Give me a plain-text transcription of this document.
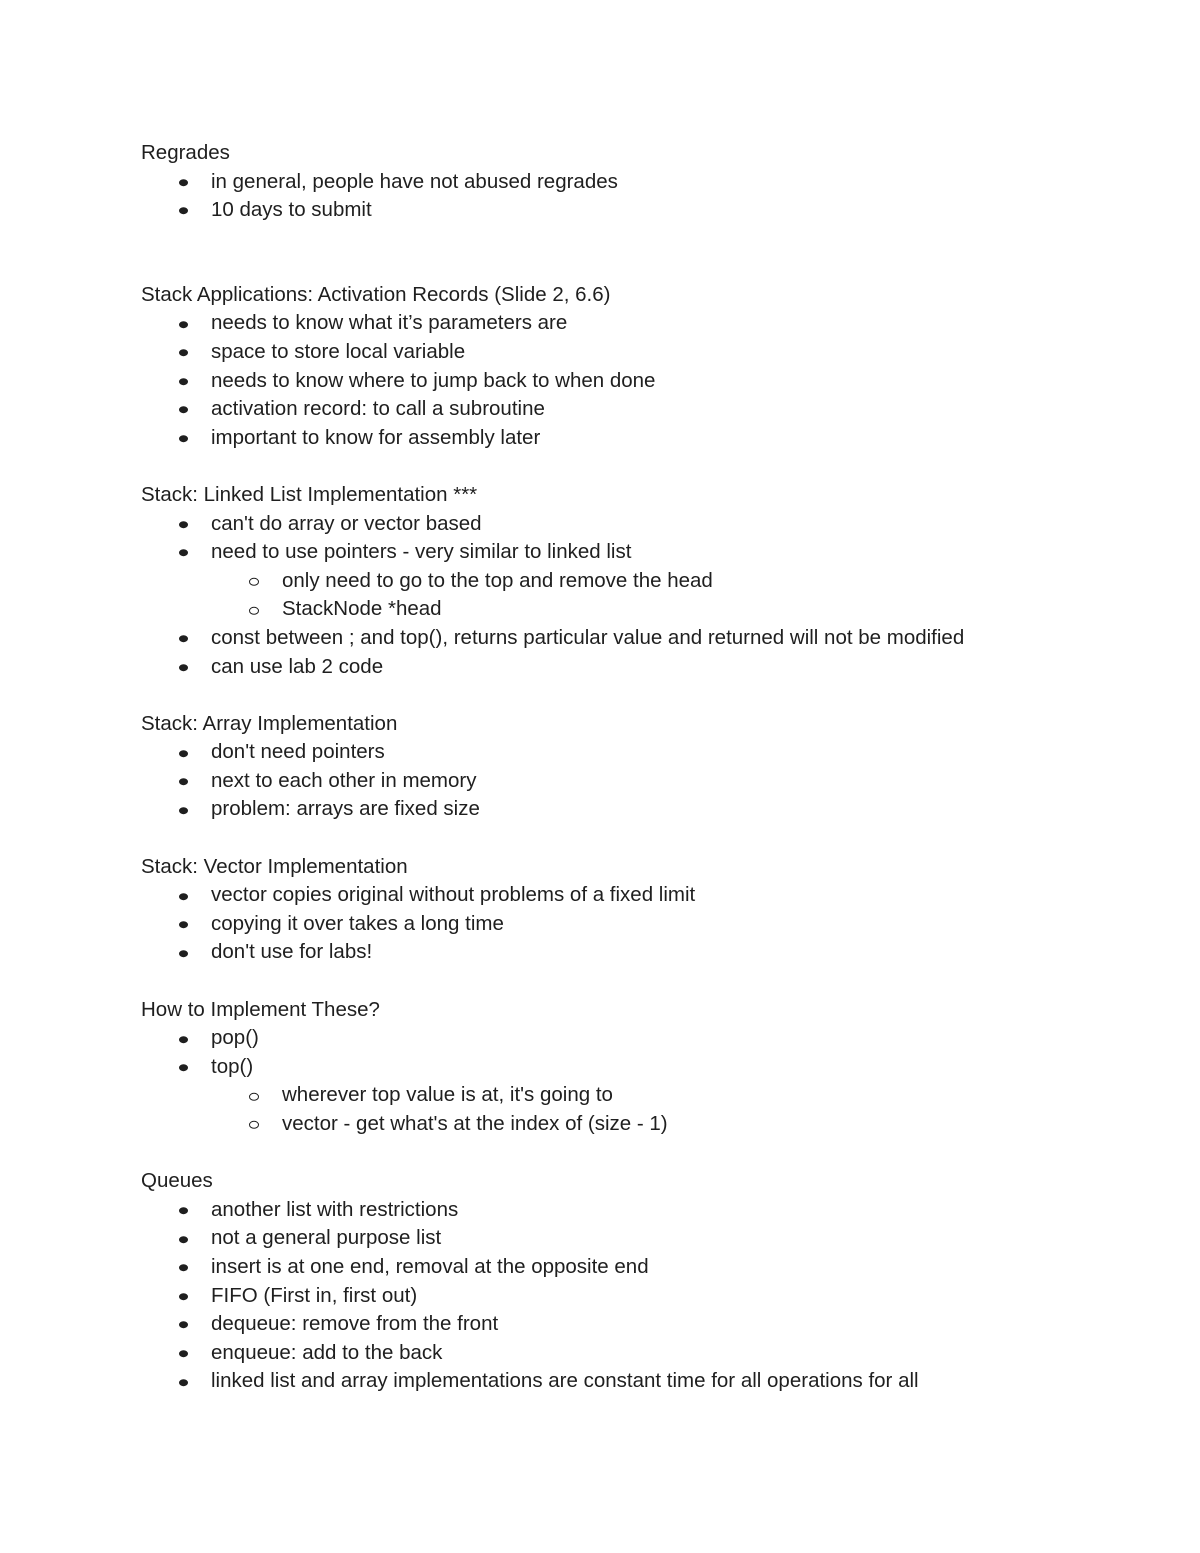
Regrades

in general, people have not abused regrades
10 days to submit

Stack Applications: Activation Records (Slide 2, 6.6)

needs to know what it’s parameters are
space to store local variable
needs to know where to jump back to when done
activation record: to call a subroutine
important to know for assembly later

Stack: Linked List Implementation ***

can't do array or vector based
need to use pointers - very similar to linked list
only need to go to the top and remove the head
StackNode *head
const between ; and top(), returns particular value and returned will not be modified
can use lab 2 code

Stack: Array Implementation

don't need pointers
next to each other in memory
problem: arrays are fixed size

Stack: Vector Implementation

vector copies original without problems of a fixed limit
copying it over takes a long time
don't use for labs!

How to Implement These?

pop()
top()
wherever top value is at, it's going to
vector - get what's at the index of (size - 1)

Queues

another list with restrictions
not a general purpose list
insert is at one end, removal at the opposite end
FIFO (First in, first out)
dequeue: remove from the front
enqueue: add to the back
linked list and array implementations are constant time for all operations for all
